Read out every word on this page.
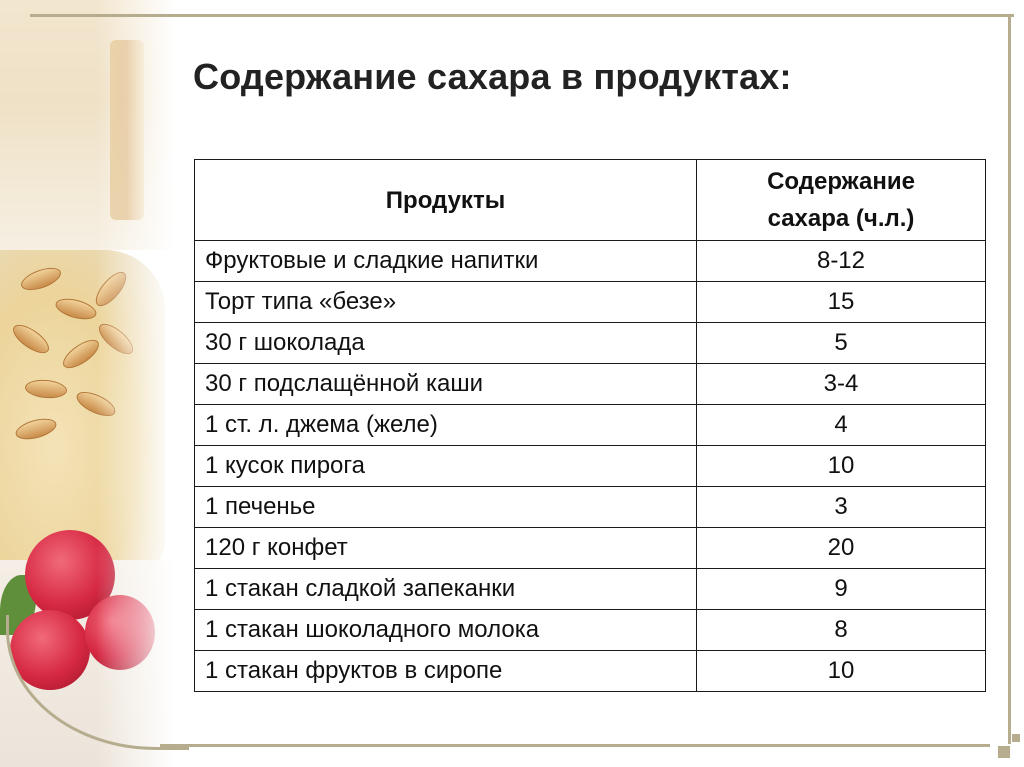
Содержание сахара в продуктах:
Продукты	Содержание
сахара (ч.л.)

Фруктовые и сладкие напитки	8-12
Торт типа «безе»	15
30 г шоколада	5
30 г подслащённой каши	3-4
1 ст. л. джема (желе)	4
1 кусок пирога	10
1 печенье	3
120 г конфет	20
1 стакан сладкой запеканки	9
1 стакан шоколадного молока	8
1 стакан фруктов в сиропе	10
